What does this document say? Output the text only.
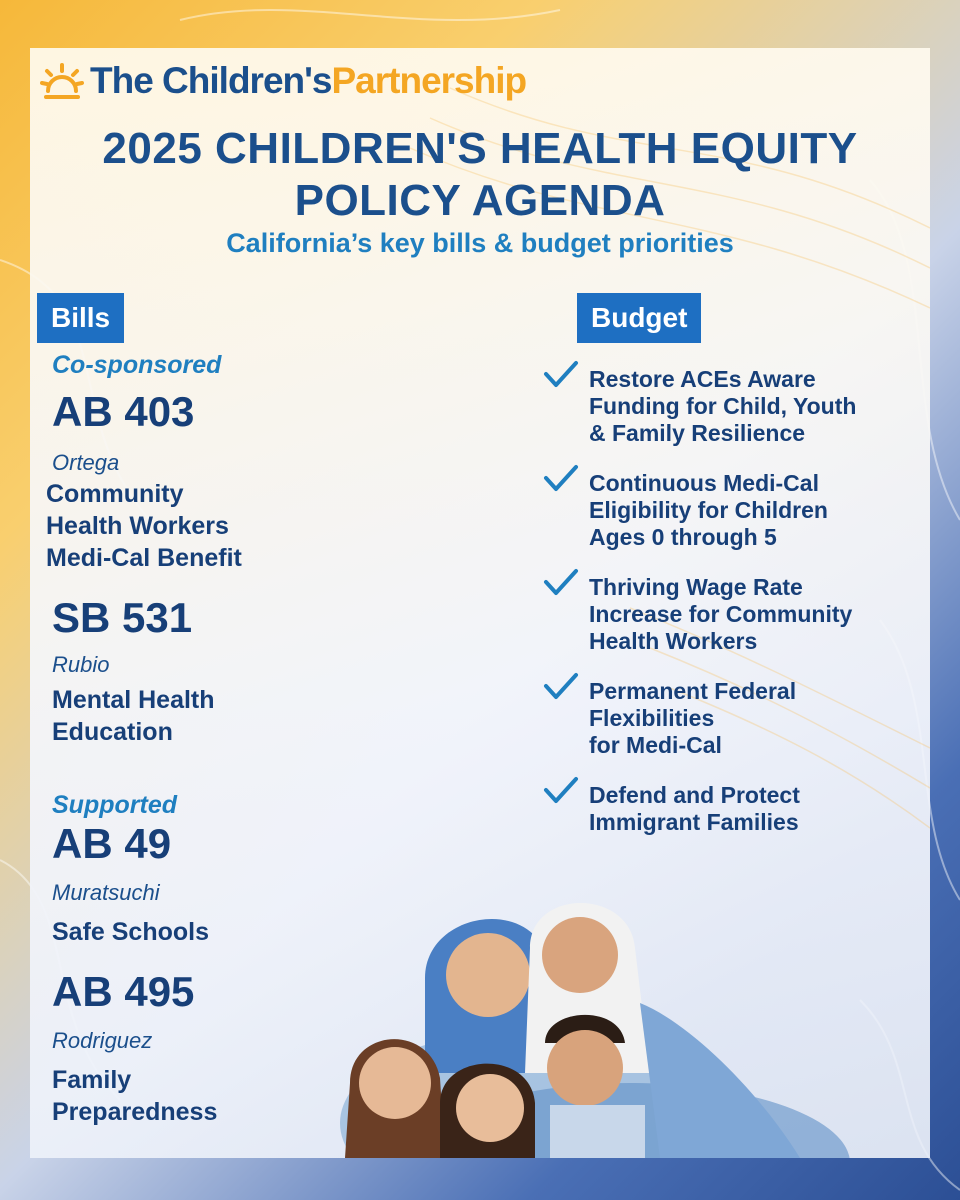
The Children'sPartnership
2025 CHILDREN'S HEALTH EQUITY
POLICY AGENDA
California’s key bills & budget priorities
Bills
Co-sponsored
AB 403
Ortega
Community
Health Workers
Medi-Cal Benefit
SB 531
Rubio
Mental Health
Education
Supported
AB 49
Muratsuchi
Safe Schools
AB 495
Rodriguez
Family
Preparedness
Budget
Restore ACEs Aware
Funding for Child, Youth
& Family Resilience
Continuous Medi-Cal
Eligibility for Children
Ages 0 through 5
Thriving Wage Rate
Increase for Community
Health Workers
Permanent Federal
Flexibilities
for Medi-Cal
Defend and Protect
Immigrant Families
